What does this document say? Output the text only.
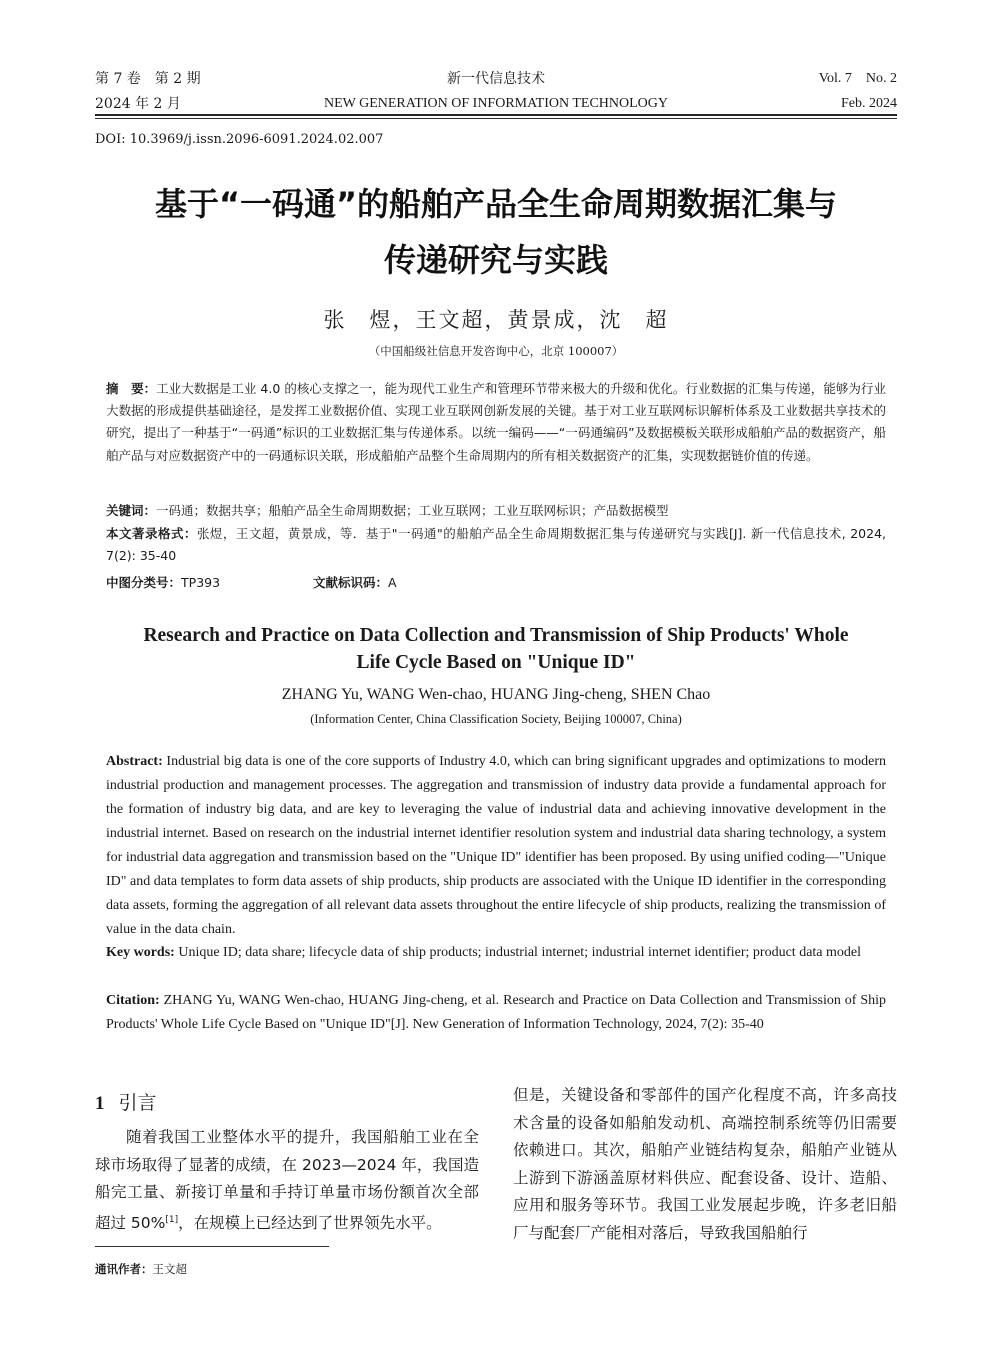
第 7 卷　第 2 期
2024 年 2 月
新一代信息技术
NEW GENERATION OF INFORMATION TECHNOLOGY
Vol. 7　No. 2
Feb. 2024
DOI: 10.3969/j.issn.2096-6091.2024.02.007
基于“一码通”的船舶产品全生命周期数据汇集与
传递研究与实践
张　煜，王文超，黄景成，沈　超
（中国船级社信息开发咨询中心，北京 100007）
摘　要：工业大数据是工业 4.0 的核心支撑之一，能为现代工业生产和管理环节带来极大的升级和优化。行业数据的汇集与传递，能够为行业大数据的形成提供基础途径，是发挥工业数据价值、实现工业互联网创新发展的关键。基于对工业互联网标识解析体系及工业数据共享技术的研究，提出了一种基于“一码通”标识的工业数据汇集与传递体系。以统一编码——“一码通编码”及数据模板关联形成船舶产品的数据资产，船舶产品与对应数据资产中的一码通标识关联，形成船舶产品整个生命周期内的所有相关数据资产的汇集，实现数据链价值的传递。
关键词：一码通；数据共享；船舶产品全生命周期数据；工业互联网；工业互联网标识；产品数据模型
本文著录格式：张煜，王文超，黄景成，等．基于"一码通"的船舶产品全生命周期数据汇集与传递研究与实践[J]. 新一代信息技术, 2024, 7(2): 35-40
中图分类号：TP393	文献标识码：A
Research and Practice on Data Collection and Transmission of Ship Products' Whole
Life Cycle Based on "Unique ID"
ZHANG Yu, WANG Wen-chao, HUANG Jing-cheng, SHEN Chao
(Information Center, China Classification Society, Beijing 100007, China)
Abstract: Industrial big data is one of the core supports of Industry 4.0, which can bring significant upgrades and optimizations to modern industrial production and management processes. The aggregation and transmission of industry data provide a fundamental approach for the formation of industry big data, and are key to leveraging the value of industrial data and achieving innovative development in the industrial internet. Based on research on the industrial internet identifier resolution system and industrial data sharing technology, a system for industrial data aggregation and transmission based on the "Unique ID" identifier has been proposed. By using unified coding—"Unique ID" and data templates to form data assets of ship products, ship products are associated with the Unique ID identifier in the corresponding data assets, forming the aggregation of all relevant data assets throughout the entire lifecycle of ship products, realizing the transmission of value in the data chain.
Key words: Unique ID; data share; lifecycle data of ship products; industrial internet; industrial internet identifier; product data model
Citation: ZHANG Yu, WANG Wen-chao, HUANG Jing-cheng, et al. Research and Practice on Data Collection and Transmission of Ship Products' Whole Life Cycle Based on "Unique ID"[J]. New Generation of Information Technology, 2024, 7(2): 35-40
1 引言
随着我国工业整体水平的提升，我国船舶工业在全球市场取得了显著的成绩，在 2023—2024 年，我国造船完工量、新接订单量和手持订单量市场份额首次全部超过 50%[1]，在规模上已经达到了世界领先水平。
但是，关键设备和零部件的国产化程度不高，许多高技术含量的设备如船舶发动机、高端控制系统等仍旧需要依赖进口。其次，船舶产业链结构复杂，船舶产业链从上游到下游涵盖原材料供应、配套设备、设计、造船、应用和服务等环节。我国工业发展起步晚，许多老旧船厂与配套厂产能相对落后，导致我国船舶行
通讯作者：王文超
